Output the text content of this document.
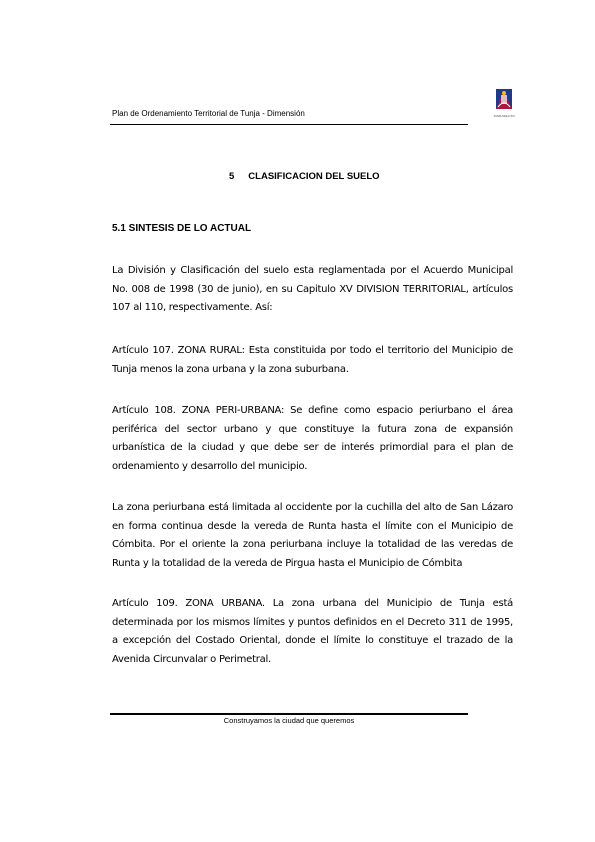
Plan de Ordenamiento Territorial de Tunja - Dimensión	TUNJA SIGLO XXI
5 CLASIFICACION DEL SUELO
5.1 SINTESIS DE LO ACTUAL
La División y Clasificación del suelo esta reglamentada por el Acuerdo Municipal No. 008 de 1998 (30 de junio), en su Capitulo XV DIVISION TERRITORIAL, artículos 107 al 110, respectivamente. Así:
Artículo 107. ZONA RURAL: Esta constituida por todo el territorio del Municipio de Tunja menos la zona urbana y la zona suburbana.
Artículo 108. ZONA PERI-URBANA: Se define como espacio periurbano el área periférica del sector urbano y que constituye la futura zona de expansión urbanística de la ciudad y que debe ser de interés primordial para el plan de ordenamiento y desarrollo del municipio.
La zona periurbana está limitada al occidente por la cuchilla del alto de San Lázaro en forma continua desde la vereda de Runta hasta el límite con el Municipio de Cómbita. Por el oriente la zona periurbana incluye la totalidad de las veredas de Runta y la totalidad de la vereda de Pirgua hasta el Municipio de Cómbita
Artículo 109. ZONA URBANA. La zona urbana del Municipio de Tunja está determinada por los mismos límites y puntos definidos en el Decreto 311 de 1995, a excepción del Costado Oriental, donde el límite lo constituye el trazado de la Avenida Circunvalar o Perimetral.
Construyamos la ciudad que queremos
